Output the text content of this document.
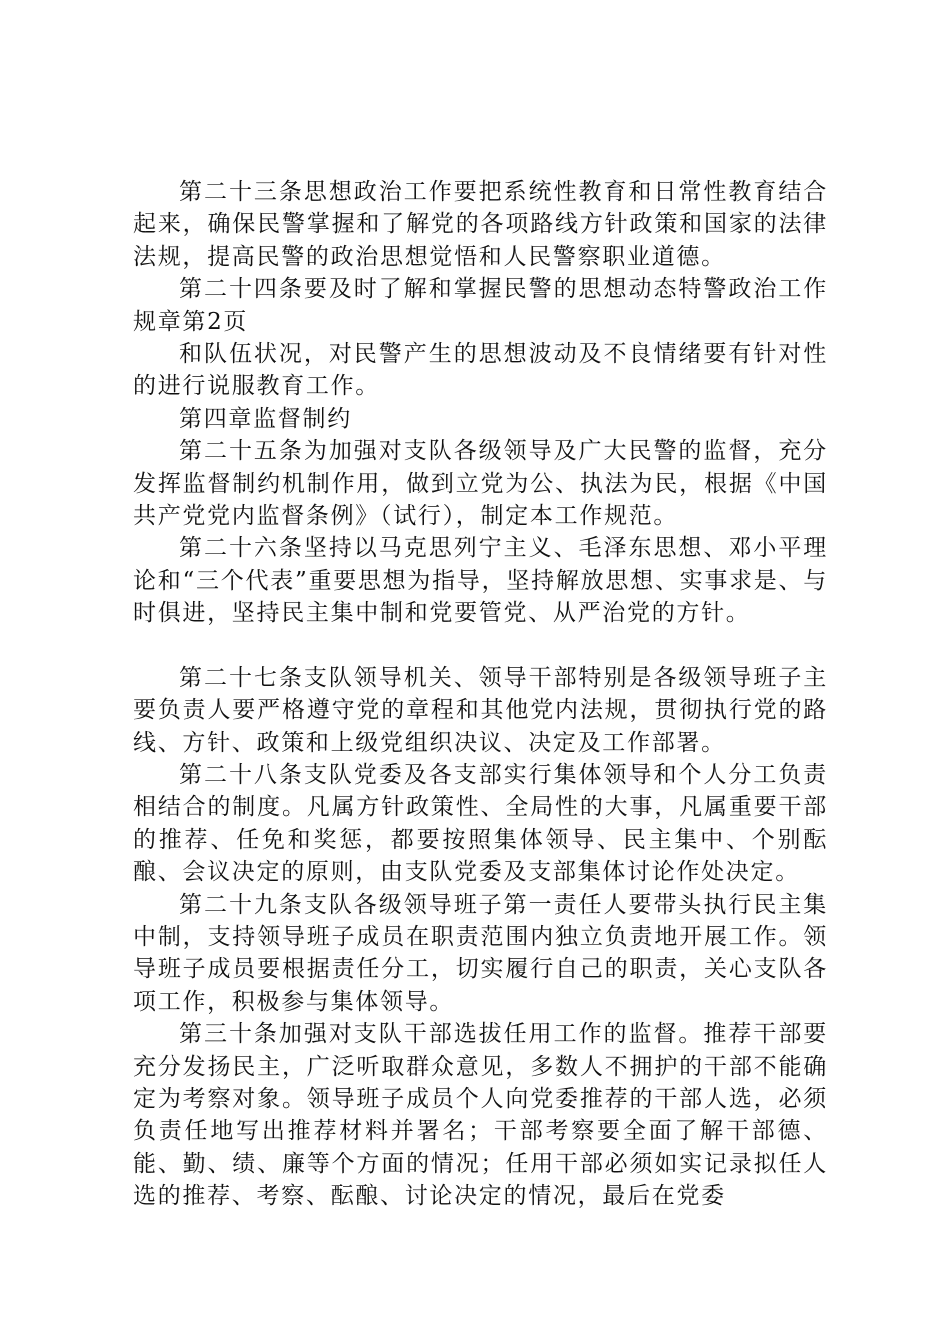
第二十三条思想政治工作要把系统性教育和日常性教育结合起来，确保民警掌握和了解党的各项路线方针政策和国家的法律法规，提高民警的政治思想觉悟和人民警察职业道德。

第二十四条要及时了解和掌握民警的思想动态特警政治工作规章第2页

和队伍状况，对民警产生的思想波动及不良情绪要有针对性的进行说服教育工作。

第四章监督制约

第二十五条为加强对支队各级领导及广大民警的监督，充分发挥监督制约机制作用，做到立党为公、执法为民，根据《中国共产党党内监督条例》（试行），制定本工作规范。

第二十六条坚持以马克思列宁主义、毛泽东思想、邓小平理论和“三个代表”重要思想为指导，坚持解放思想、实事求是、与时俱进，坚持民主集中制和党要管党、从严治党的方针。

第二十七条支队领导机关、领导干部特别是各级领导班子主要负责人要严格遵守党的章程和其他党内法规，贯彻执行党的路线、方针、政策和上级党组织决议、决定及工作部署。

第二十八条支队党委及各支部实行集体领导和个人分工负责相结合的制度。凡属方针政策性、全局性的大事，凡属重要干部的推荐、任免和奖惩，都要按照集体领导、民主集中、个别酝酿、会议决定的原则，由支队党委及支部集体讨论作处决定。

第二十九条支队各级领导班子第一责任人要带头执行民主集中制，支持领导班子成员在职责范围内独立负责地开展工作。领导班子成员要根据责任分工，切实履行自己的职责，关心支队各项工作，积极参与集体领导。

第三十条加强对支队干部选拔任用工作的监督。推荐干部要充分发扬民主，广泛听取群众意见，多数人不拥护的干部不能确定为考察对象。领导班子成员个人向党委推荐的干部人选，必须负责任地写出推荐材料并署名；干部考察要全面了解干部德、能、勤、绩、廉等个方面的情况；任用干部必须如实记录拟任人选的推荐、考察、酝酿、讨论决定的情况，最后在党委
